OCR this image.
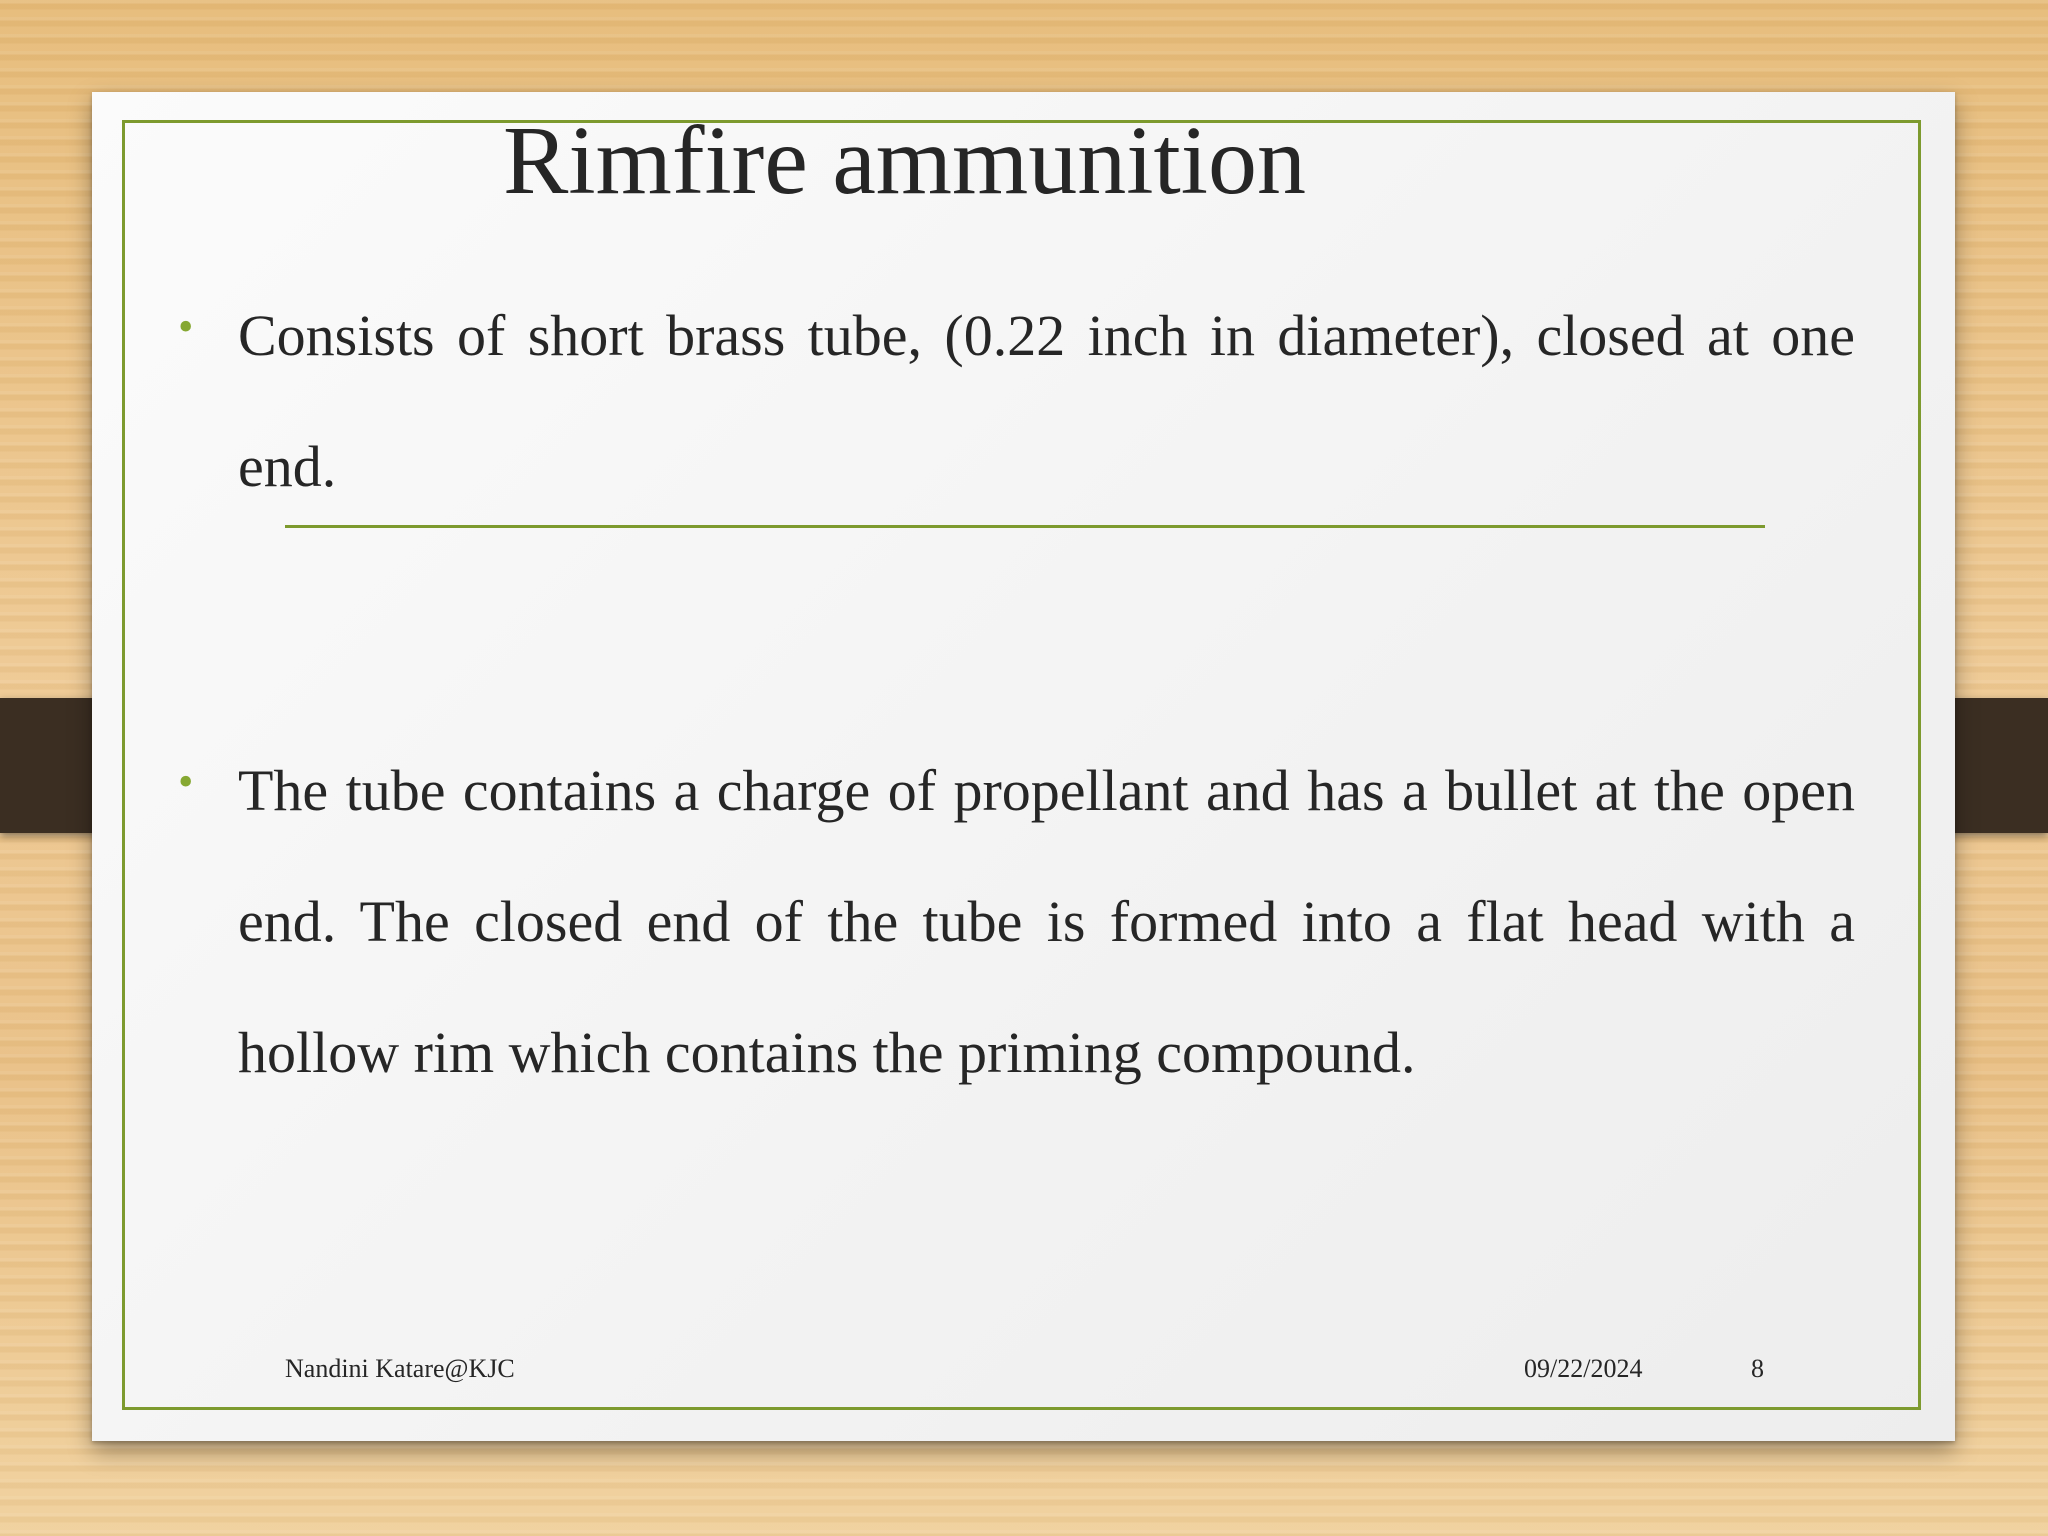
Rimfire ammunition
• Consists of short brass tube, (0.22 inch in diameter), closed at one end.

• The tube contains a charge of propellant and has a bullet at the open end. The closed end of the tube is formed into a flat head with a hollow rim which contains the priming compound.

Nandini Katare@KJC	09/22/2024	8
